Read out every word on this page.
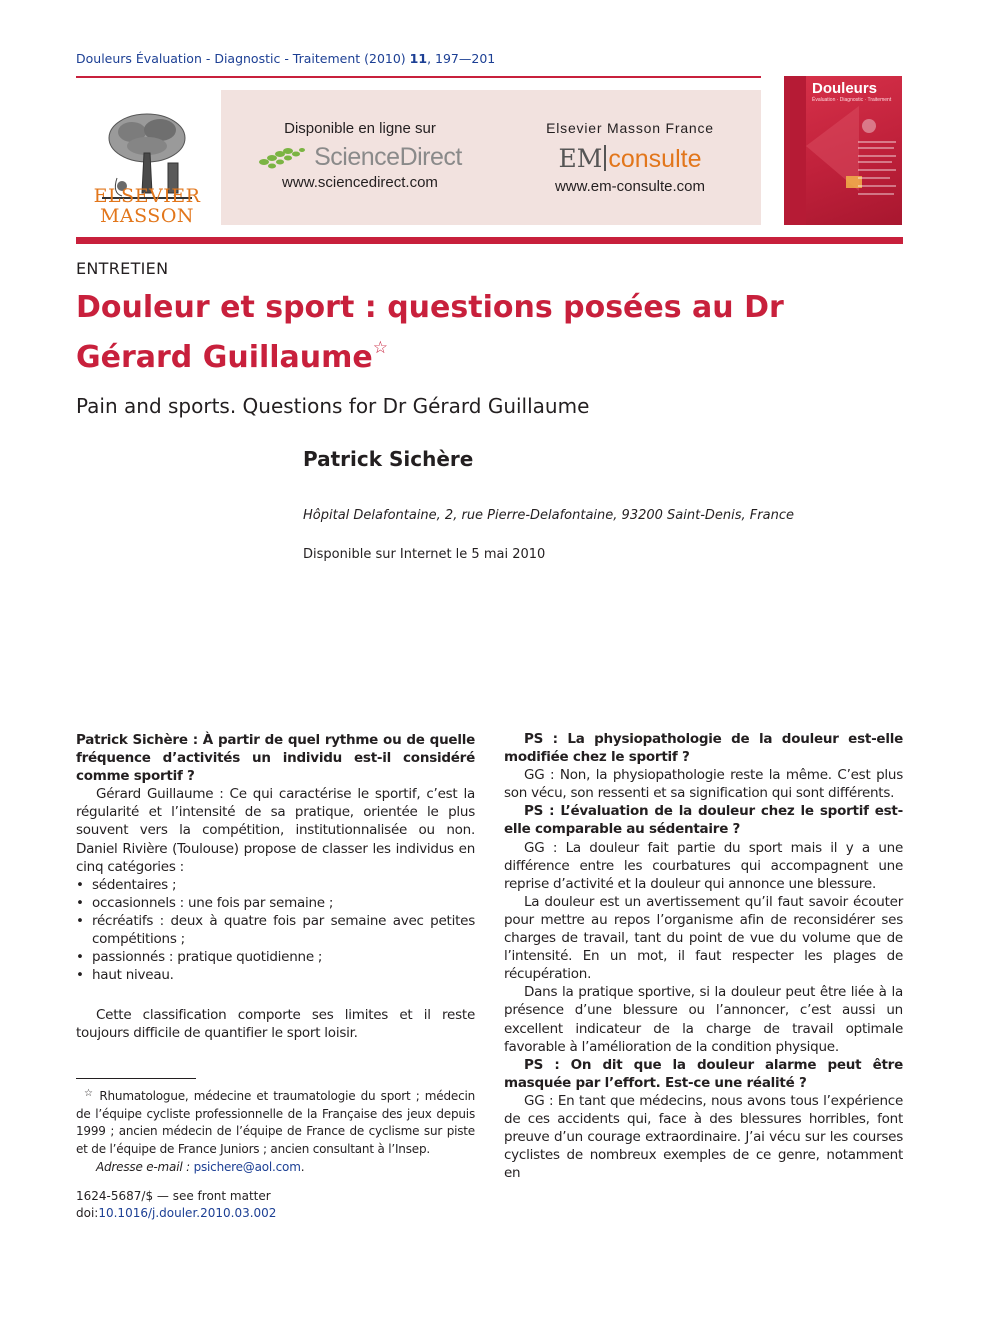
Douleurs Évaluation - Diagnostic - Traitement (2010) 11, 197—201
ELSEVIER
MASSON
Disponible en ligne sur
ScienceDirect
www.sciencedirect.com
Elsevier Masson France
EM consulte
www.em-consulte.com
Douleurs
Évaluation · Diagnostic · Traitement
ENTRETIEN
Douleur et sport : questions posées au Dr Gérard Guillaume☆
Pain and sports. Questions for Dr Gérard Guillaume
Patrick Sichère
Hôpital Delafontaine, 2, rue Pierre-Delafontaine, 93200 Saint-Denis, France
Disponible sur Internet le 5 mai 2010

Patrick Sichère : À partir de quel rythme ou de quelle fréquence d’activités un individu est-il considéré comme sportif ?

Gérard Guillaume : Ce qui caractérise le sportif, c’est la régularité et l’intensité de sa pratique, orientée le plus souvent vers la compétition, institutionnalisée ou non. Daniel Rivière (Toulouse) propose de classer les individus en cinq catégories :

• sédentaires ;
• occasionnels : une fois par semaine ;
• récréatifs : deux à quatre fois par semaine avec petites compétitions ;
• passionnés : pratique quotidienne ;
• haut niveau.

Cette classification comporte ses limites et il reste toujours difficile de quantifier le sport loisir.

PS : La physiopathologie de la douleur est-elle modifiée chez le sportif ?

GG : Non, la physiopathologie reste la même. C’est plus son vécu, son ressenti et sa signification qui sont différents.

PS : L’évaluation de la douleur chez le sportif est-elle comparable au sédentaire ?

GG : La douleur fait partie du sport mais il y a une différence entre les courbatures qui accompagnent une reprise d’activité et la douleur qui annonce une blessure.

La douleur est un avertissement qu’il faut savoir écouter pour mettre au repos l’organisme afin de reconsidérer ses charges de travail, tant du point de vue du volume que de l’intensité. En un mot, il faut respecter les plages de récupération.

Dans la pratique sportive, si la douleur peut être liée à la présence d’une blessure ou l’annoncer, c’est aussi un excellent indicateur de la charge de travail optimale favorable à l’amélioration de la condition physique.

PS : On dit que la douleur alarme peut être masquée par l’effort. Est-ce une réalité ?

GG : En tant que médecins, nous avons tous l’expérience de ces accidents qui, face à des blessures horribles, font preuve d’un courage extraordinaire. J’ai vécu sur les courses cyclistes de nombreux exemples de ce genre, notamment en

☆ Rhumatologue, médecine et traumatologie du sport ; médecin de l’équipe cycliste professionnelle de la Française des jeux depuis 1999 ; ancien médecin de l’équipe de France de cyclisme sur piste et de l’équipe de France Juniors ; ancien consultant à l’Insep.

Adresse e-mail : psichere@aol.com.

1624-5687/$ — see front matter
doi:10.1016/j.douler.2010.03.002
